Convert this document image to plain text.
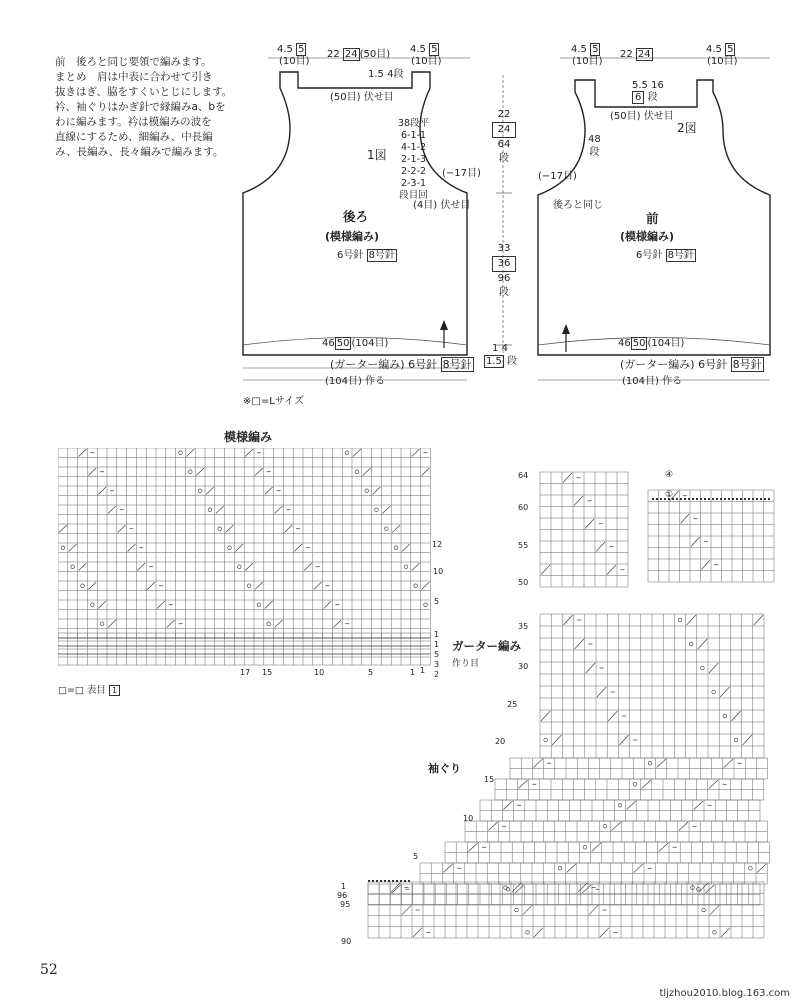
前　後ろと同じ要領で編みます。
まとめ　肩は中表に合わせて引き
抜きはぎ、脇をすくいとじにします。
衿、袖ぐりはかぎ針で縁編みa、bを
わに編みます。衿は模編みの波を
直線にするため、細編み、中長編
み、長編み、長々編みで編みます。
4.5 5
(10目)
22 24 (50目) 4.5 5
(10目)
1.5 4段
(50目) 伏せ目
1図
38段平
6-1-1
4-1-2
2-1-3
2-2-2
2-3-1
段目回
(−17目)
(4目) 伏せ目
後ろ
(模様編み)
6号針 8号針
46 50 (104目)
(ガーター編み) 6号針 8号針
(104目) 作る
22
24
64
段
33
36
96
段
1 4
1.5 段
4.5 5
(10目)
22 24	4.5 5
(10目)
5.5 16
6 段
(50目) 伏せ目
2図
48
段
(−17目)
後ろと同じ
前
(模様編み)
6号針 8号針
46 50 (104目)
(ガーター編み) 6号針 8号針
(104目) 作る
※□=Lサイズ
模様編み
12
10
5
1
1
5
3
2
1
17 15	10	5	1
ガーター編み
作り目
□=□ 表目 1
④
①
64
60
55
50
35
30
25
20
15
10
5
1
96
95
90
袖ぐり
52
tljzhou2010.blog.163.com
